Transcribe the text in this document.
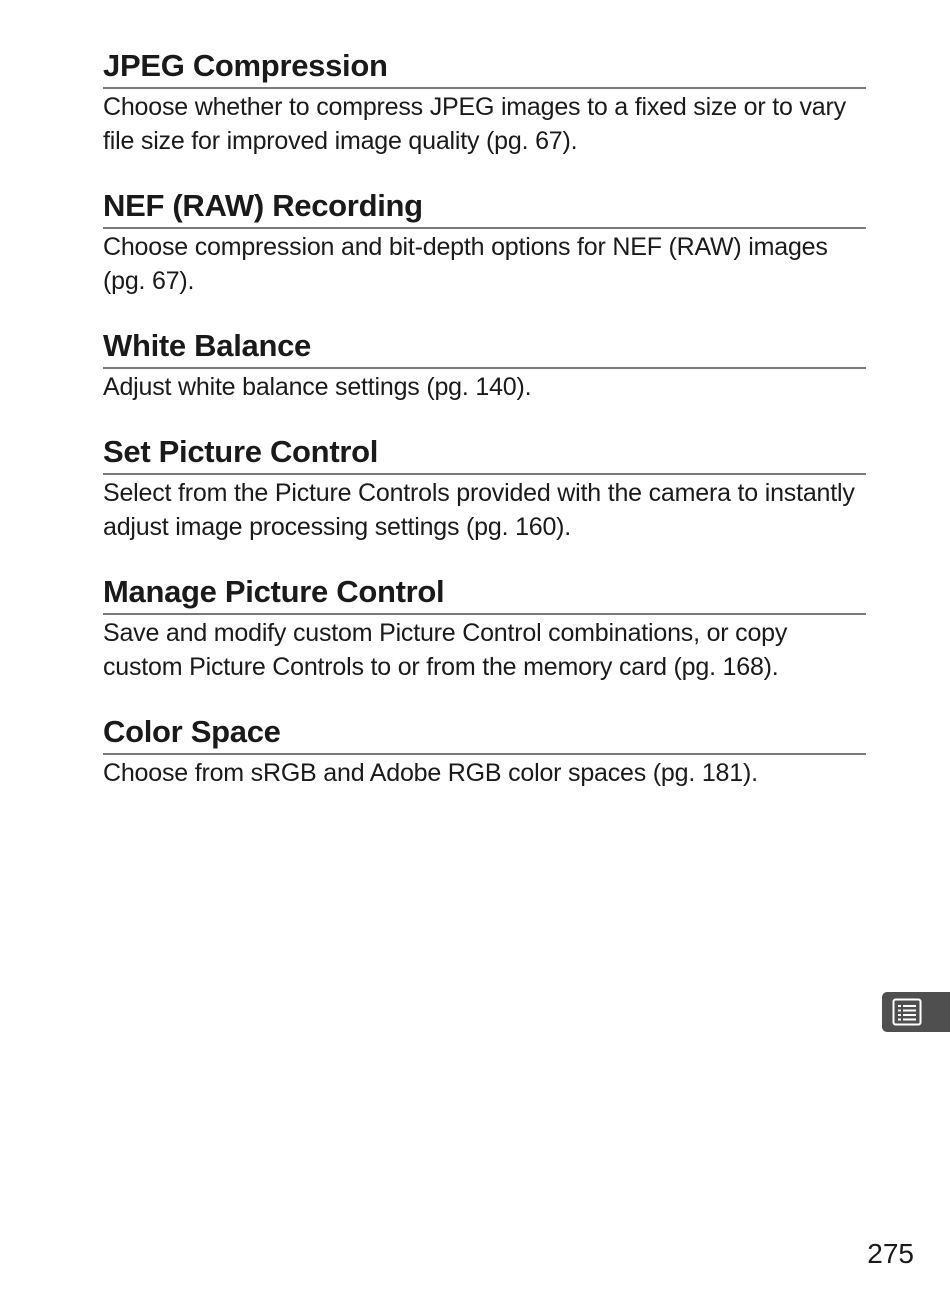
JPEG Compression

Choose whether to compress JPEG images to a fixed size or to vary file size for improved image quality (pg. 67).

NEF (RAW) Recording

Choose compression and bit-depth options for NEF (RAW) images (pg. 67).

White Balance

Adjust white balance settings (pg. 140).

Set Picture Control

Select from the Picture Controls provided with the camera to instantly adjust image processing settings (pg. 160).

Manage Picture Control

Save and modify custom Picture Control combinations, or copy custom Picture Controls to or from the memory card (pg. 168).

Color Space

Choose from sRGB and Adobe RGB color spaces (pg. 181).

275
